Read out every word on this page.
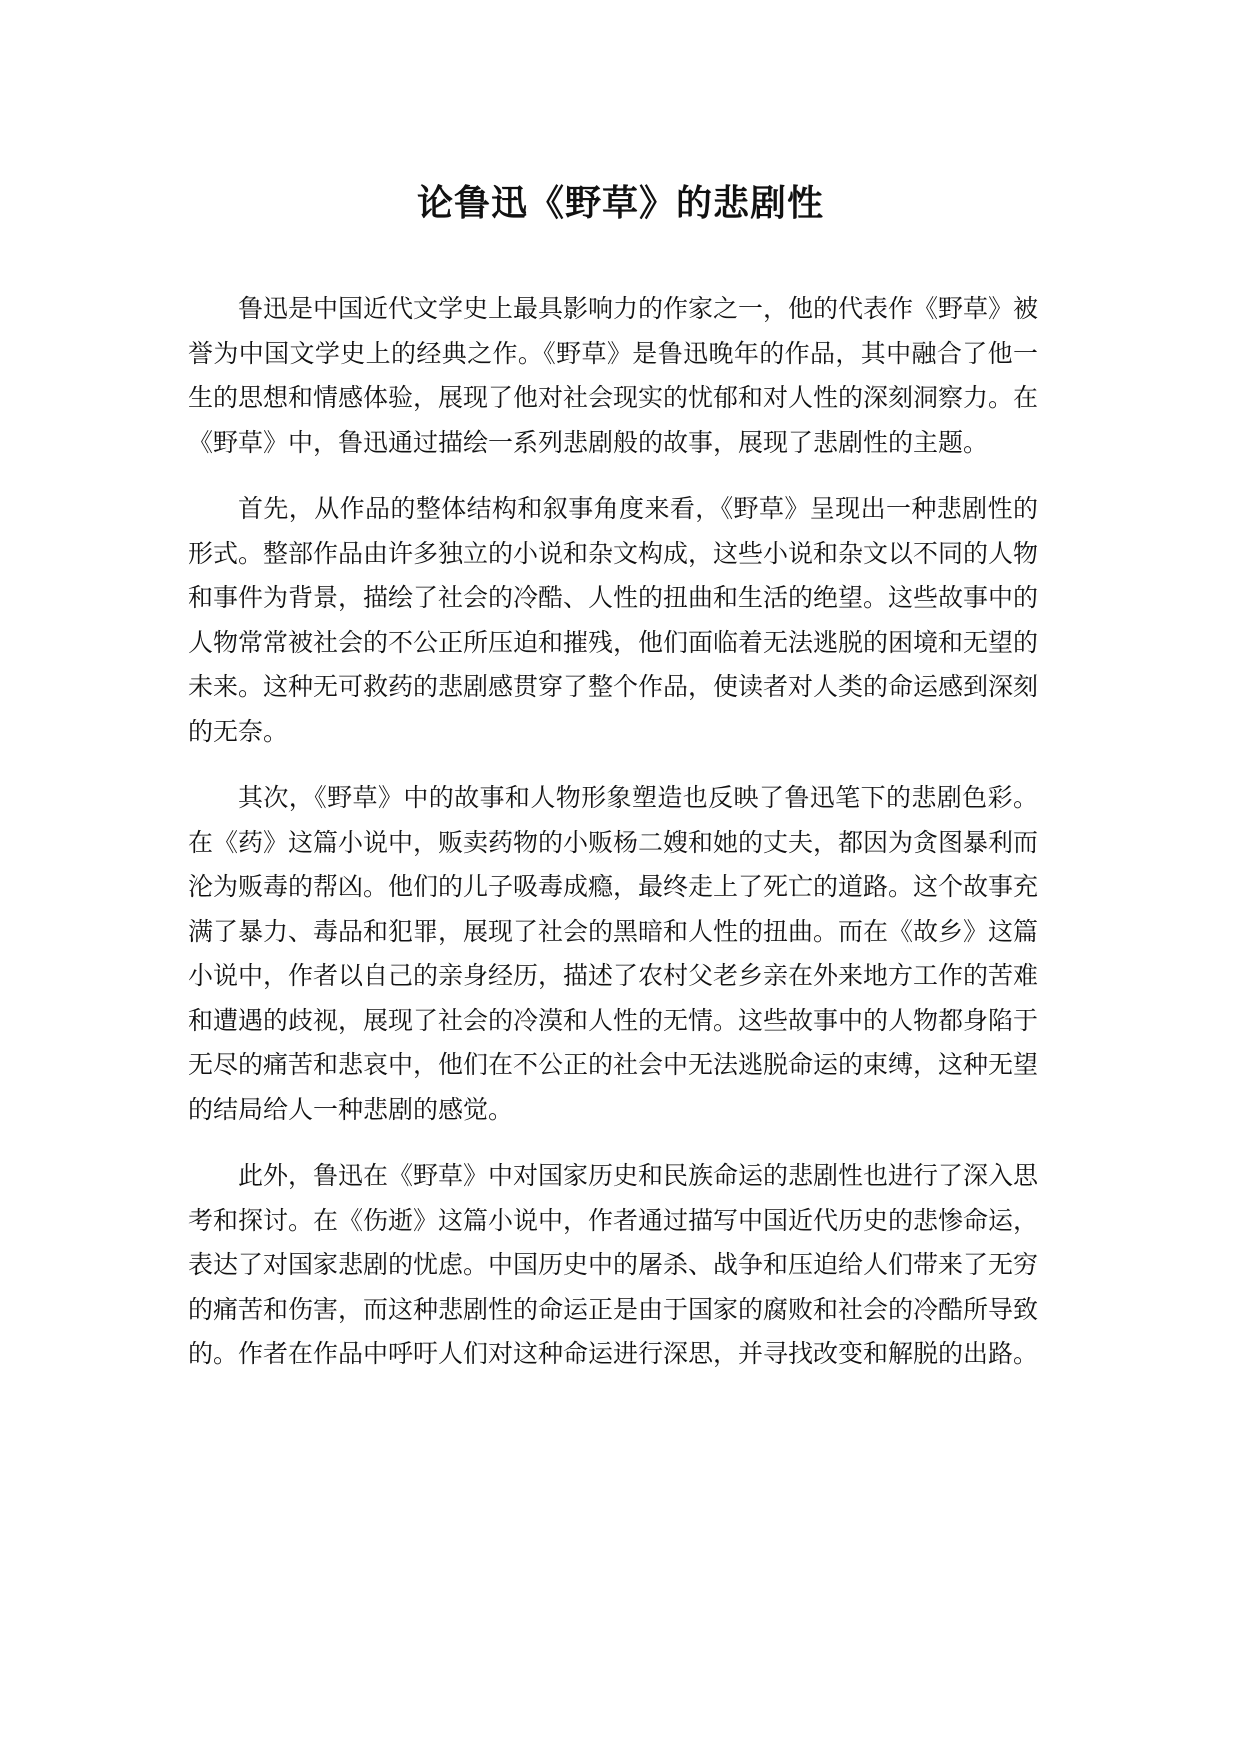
论鲁迅《野草》的悲剧性

鲁迅是中国近代文学史上最具影响力的作家之一，他的代表作《野草》被誉为中国文学史上的经典之作。《野草》是鲁迅晚年的作品，其中融合了他一生的思想和情感体验，展现了他对社会现实的忧郁和对人性的深刻洞察力。在《野草》中，鲁迅通过描绘一系列悲剧般的故事，展现了悲剧性的主题。

首先，从作品的整体结构和叙事角度来看，《野草》呈现出一种悲剧性的形式。整部作品由许多独立的小说和杂文构成，这些小说和杂文以不同的人物和事件为背景，描绘了社会的冷酷、人性的扭曲和生活的绝望。这些故事中的人物常常被社会的不公正所压迫和摧残，他们面临着无法逃脱的困境和无望的未来。这种无可救药的悲剧感贯穿了整个作品，使读者对人类的命运感到深刻的无奈。

其次，《野草》中的故事和人物形象塑造也反映了鲁迅笔下的悲剧色彩。在《药》这篇小说中，贩卖药物的小贩杨二嫂和她的丈夫，都因为贪图暴利而沦为贩毒的帮凶。他们的儿子吸毒成瘾，最终走上了死亡的道路。这个故事充满了暴力、毒品和犯罪，展现了社会的黑暗和人性的扭曲。而在《故乡》这篇小说中，作者以自己的亲身经历，描述了农村父老乡亲在外来地方工作的苦难和遭遇的歧视，展现了社会的冷漠和人性的无情。这些故事中的人物都身陷于无尽的痛苦和悲哀中，他们在不公正的社会中无法逃脱命运的束缚，这种无望的结局给人一种悲剧的感觉。

此外，鲁迅在《野草》中对国家历史和民族命运的悲剧性也进行了深入思考和探讨。在《伤逝》这篇小说中，作者通过描写中国近代历史的悲惨命运，表达了对国家悲剧的忧虑。中国历史中的屠杀、战争和压迫给人们带来了无穷的痛苦和伤害，而这种悲剧性的命运正是由于国家的腐败和社会的冷酷所导致的。作者在作品中呼吁人们对这种命运进行深思，并寻找改变和解脱的出路。
